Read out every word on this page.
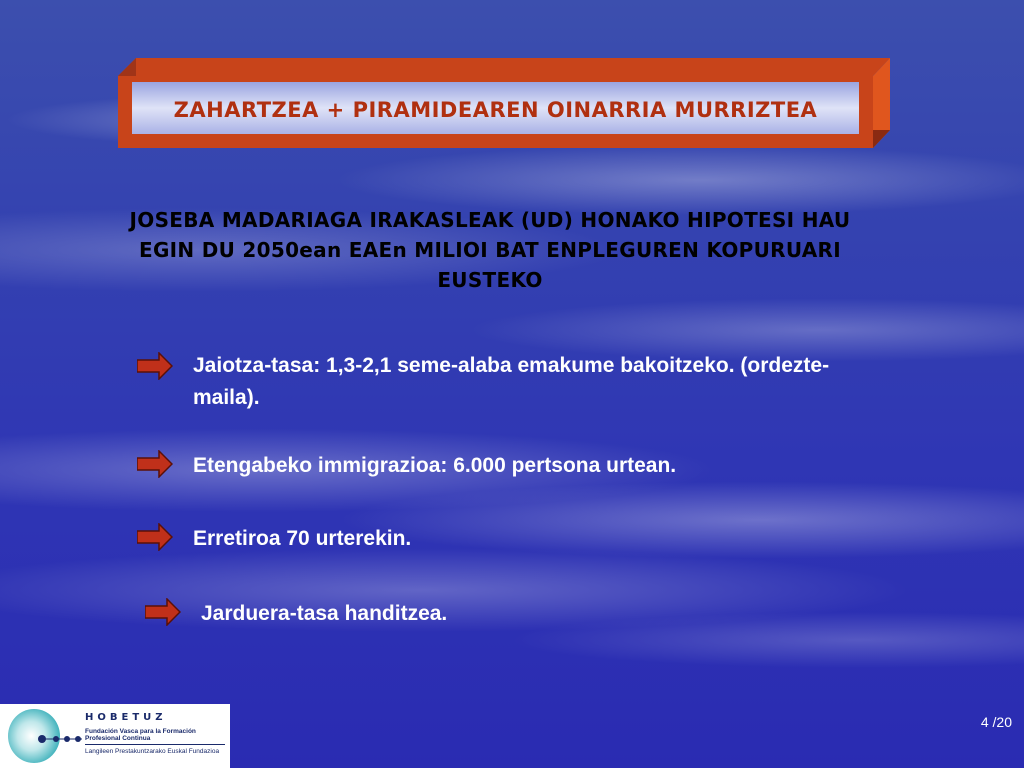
ZAHARTZEA + PIRAMIDEAREN OINARRIA MURRIZTEA
JOSEBA MADARIAGA IRAKASLEAK (UD) HONAKO HIPOTESI HAU EGIN DU 2050ean EAEn MILIOI BAT ENPLEGUREN KOPURUARI EUSTEKO
Jaiotza-tasa: 1,3-2,1 seme-alaba emakume bakoitzeko. (ordezte-maila).
Etengabeko immigrazioa: 6.000 pertsona urtean.
Erretiroa 70 urterekin.
Jarduera-tasa handitzea.
HOBETUZ
Fundación Vasca para la Formación Profesional Continua
Langileen Prestakuntzarako Euskal Fundazioa
4 /20
